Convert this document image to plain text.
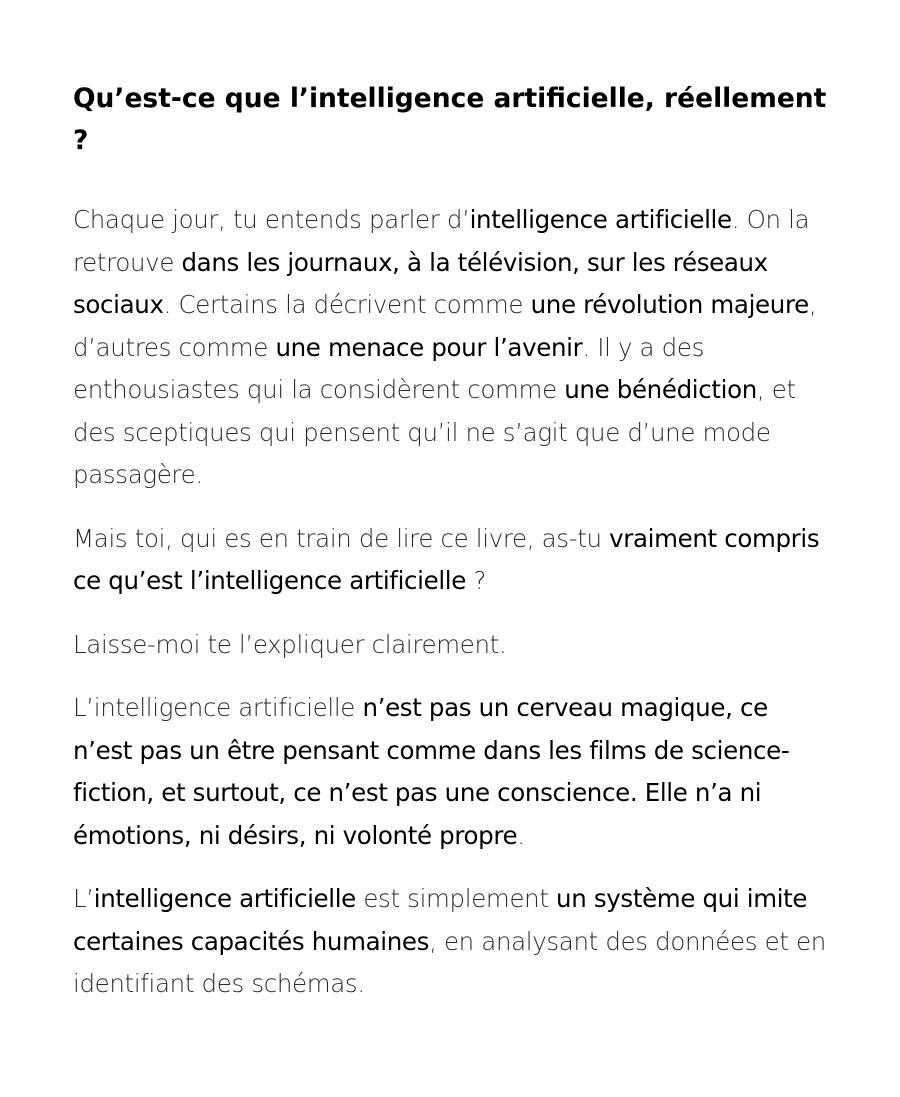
Qu’est-ce que l’intelligence artificielle, réellement ?

Chaque jour, tu entends parler d’intelligence artificielle. On la retrouve dans les journaux, à la télévision, sur les réseaux sociaux. Certains la décrivent comme une révolution majeure, d’autres comme une menace pour l’avenir. Il y a des enthousiastes qui la considèrent comme une bénédiction, et des sceptiques qui pensent qu’il ne s’agit que d’une mode passagère.

Mais toi, qui es en train de lire ce livre, as-tu vraiment compris ce qu’est l’intelligence artificielle ?

Laisse-moi te l’expliquer clairement.

L’intelligence artificielle n’est pas un cerveau magique, ce n’est pas un être pensant comme dans les films de science-fiction, et surtout, ce n’est pas une conscience. Elle n’a ni émotions, ni désirs, ni volonté propre.

L’intelligence artificielle est simplement un système qui imite certaines capacités humaines, en analysant des données et en identifiant des schémas.
